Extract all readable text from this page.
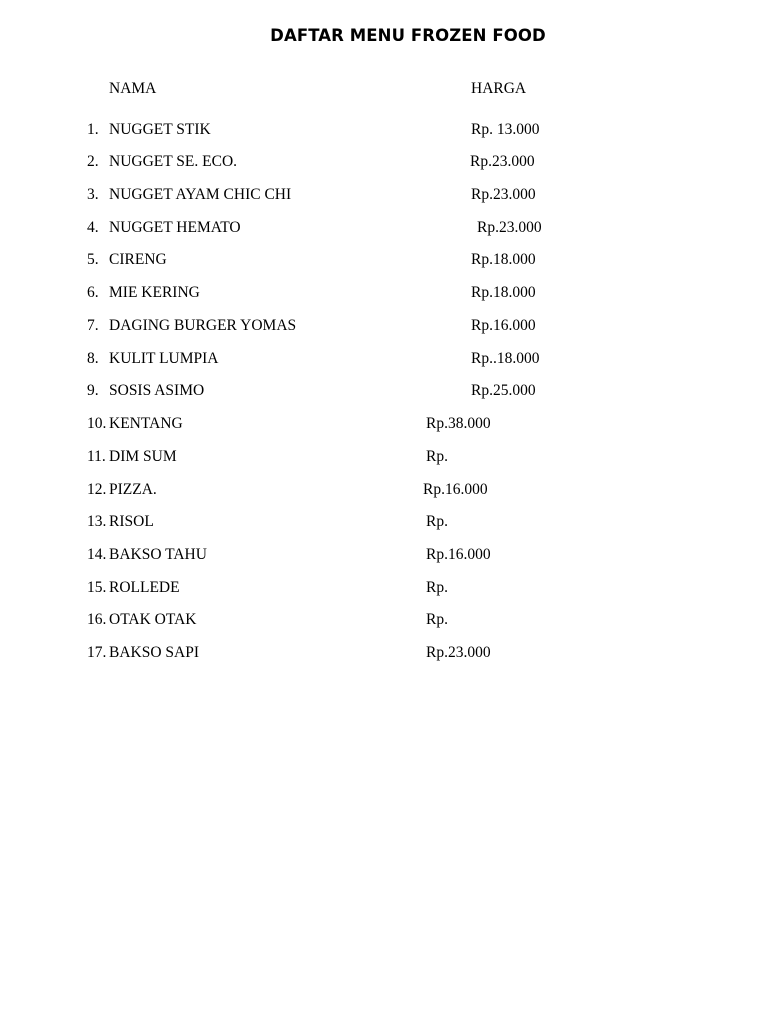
DAFTAR MENU FROZEN FOOD
NAMA	HARGA
1. NUGGET STIK	Rp. 13.000
2. NUGGET SE. ECO.	Rp.23.000
3. NUGGET AYAM CHIC CHI	Rp.23.000
4. NUGGET HEMATO	Rp.23.000
5. CIRENG	Rp.18.000
6. MIE KERING	Rp.18.000
7. DAGING BURGER YOMAS	Rp.16.000
8. KULIT LUMPIA	Rp..18.000
9. SOSIS ASIMO	Rp.25.000
10. KENTANG	Rp.38.000
11. DIM SUM	Rp.
12. PIZZA.	Rp.16.000
13. RISOL	Rp.
14. BAKSO TAHU	Rp.16.000
15. ROLLEDE	Rp.
16. OTAK OTAK	Rp.
17. BAKSO SAPI	Rp.23.000
